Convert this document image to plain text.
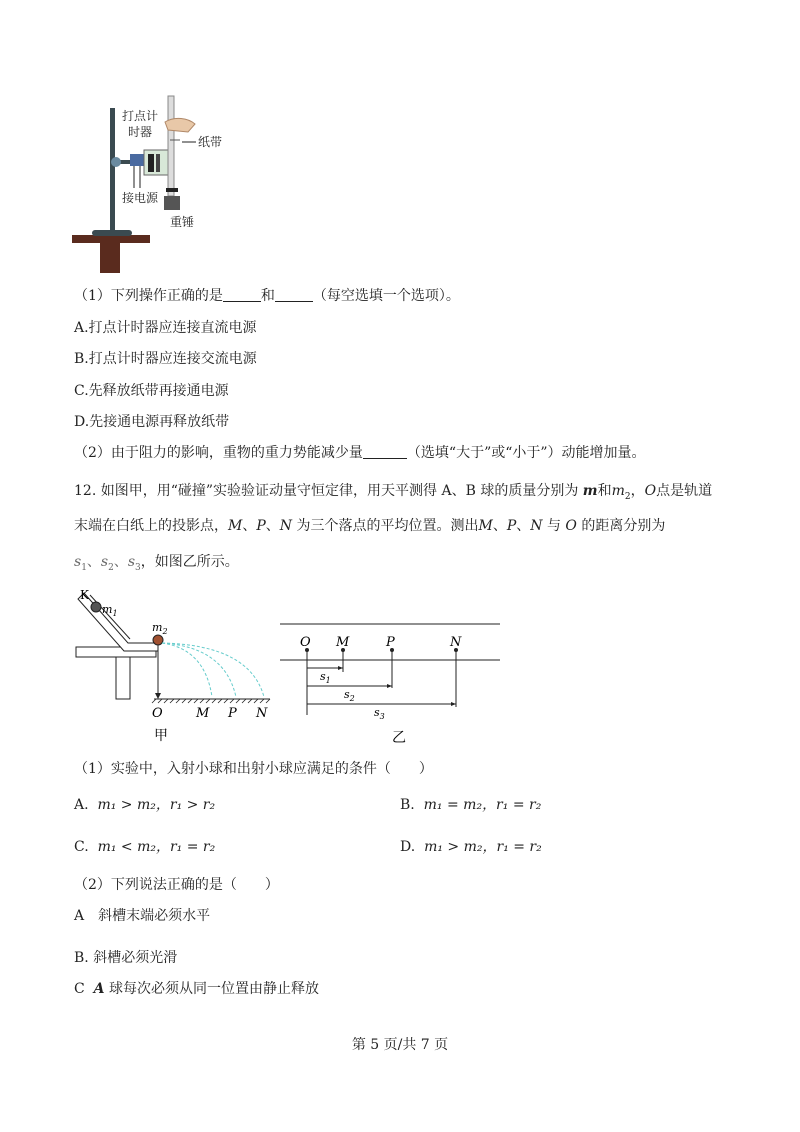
打点计
时器
纸带
接电源
重锤
（1）下列操作正确的是	和	（每空选填一个选项）。
A.打点计时器应连接直流电源
B.打点计时器应连接交流电源
C.先释放纸带再接通电源
D.先接通电源再释放纸带
（2）由于阻力的影响，重物的重力势能减少量	（选填“大于”或“小于”）动能增加量。
12. 如图甲，用“碰撞”实验验证动量守恒定律，用天平测得 A、B 球的质量分别为 m和$m_2$，O点是轨道
末端在白纸上的投影点，M、P、N 为三个落点的平均位置。测出M、P、N 与 O 的距离分别为
$s_1$、$s_2$、$s_3$，如图乙所示。
K
$m_1$
$m_2$
O	M P N
甲
O M	P	N
$s_1$
$s_2$
$s_3$
乙
（1）实验中，入射小球和出射小球应满足的条件（　　）
A. m₁ > m₂，r₁ > r₂	B. m₁ = m₂，r₁ = r₂
C. m₁ < m₂，r₁ = r₂	D. m₁ > m₂，r₁ = r₂
（2）下列说法正确的是（　　）
A　斜槽末端必须水平
B. 斜槽必须光滑
C A 球每次必须从同一位置由静止释放
第 5 页/共 7 页
